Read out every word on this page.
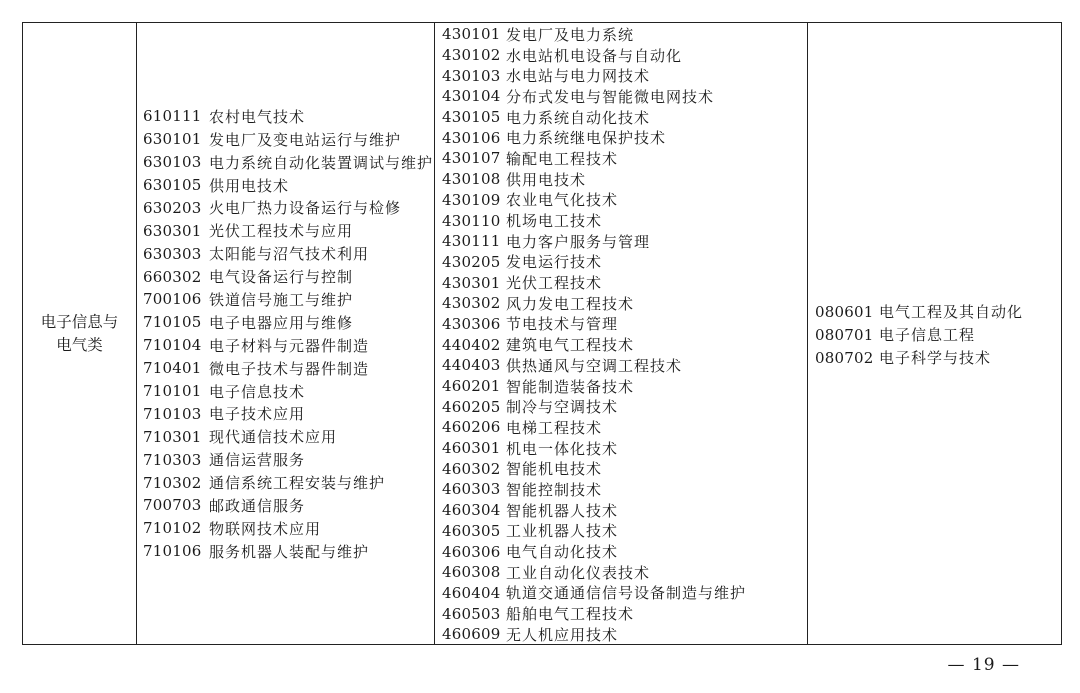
电子信息与
电气类
610111 农村电气技术
630101 发电厂及变电站运行与维护
630103 电力系统自动化装置调试与维护
630105 供用电技术
630203 火电厂热力设备运行与检修
630301 光伏工程技术与应用
630303 太阳能与沼气技术利用
660302 电气设备运行与控制
700106 铁道信号施工与维护
710105 电子电器应用与维修
710104 电子材料与元器件制造
710401 微电子技术与器件制造
710101 电子信息技术
710103 电子技术应用
710301 现代通信技术应用
710303 通信运营服务
710302 通信系统工程安装与维护
700703 邮政通信服务
710102 物联网技术应用
710106 服务机器人装配与维护
430101 发电厂及电力系统
430102 水电站机电设备与自动化
430103 水电站与电力网技术
430104 分布式发电与智能微电网技术
430105 电力系统自动化技术
430106 电力系统继电保护技术
430107 输配电工程技术
430108 供用电技术
430109 农业电气化技术
430110 机场电工技术
430111 电力客户服务与管理
430205 发电运行技术
430301 光伏工程技术
430302 风力发电工程技术
430306 节电技术与管理
440402 建筑电气工程技术
440403 供热通风与空调工程技术
460201 智能制造装备技术
460205 制冷与空调技术
460206 电梯工程技术
460301 机电一体化技术
460302 智能机电技术
460303 智能控制技术
460304 智能机器人技术
460305 工业机器人技术
460306 电气自动化技术
460308 工业自动化仪表技术
460404 轨道交通通信信号设备制造与维护
460503 船舶电气工程技术
460609 无人机应用技术
080601 电气工程及其自动化
080701 电子信息工程
080702 电子科学与技术
— 19 —
